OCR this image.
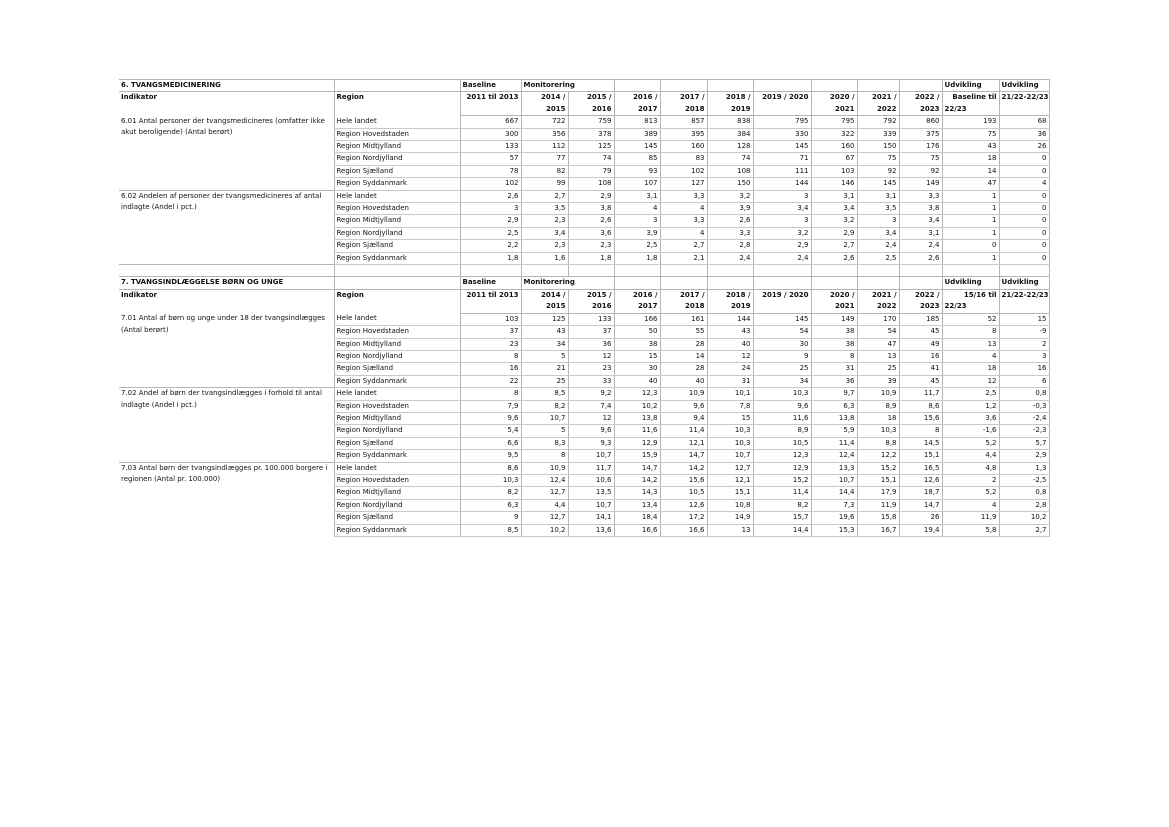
6. TVANGSMEDICINERING		Baseline	Monitorering									Udvikling	Udvikling
Indikator	Region	2011 til 2013	2014 /	2015 /	2016 /	2017 /	2018 /	2019 / 2020	2020 /	2021 /	2022 /	Baseline til	21/22-22/23
			2015	2016	2017	2018	2019		2021	2022	2023	22/23	
6.01 Antal personer der tvangsmedicineres (omfatter ikke akut beroligende) (Antal berørt)	Hele landet	667	722	759	813	857	838	795	795	792	860	193	68
	Region Hovedstaden	300	356	378	389	395	384	330	322	339	375	75	36
	Region Midtjylland	133	112	125	145	160	128	145	160	150	176	43	26
	Region Nordjylland	57	77	74	85	83	74	71	67	75	75	18	0
	Region Sjælland	78	82	79	93	102	108	111	103	92	92	14	0
	Region Syddanmark	102	99	108	107	127	150	144	146	145	149	47	4
6.02 Andelen af personer der tvangsmedicineres af antal indlagte (Andel i pct.)	Hele landet	2,6	2,7	2,9	3,1	3,3	3,2	3	3,1	3,1	3,3	1	0
	Region Hovedstaden	3	3,5	3,8	4	4	3,9	3,4	3,4	3,5	3,8	1	0
	Region Midtjylland	2,9	2,3	2,6	3	3,3	2,6	3	3,2	3	3,4	1	0
	Region Nordjylland	2,5	3,4	3,6	3,9	4	3,3	3,2	2,9	3,4	3,1	1	0
	Region Sjælland	2,2	2,3	2,3	2,5	2,7	2,8	2,9	2,7	2,4	2,4	0	0
	Region Syddanmark	1,8	1,6	1,8	1,8	2,1	2,4	2,4	2,6	2,5	2,6	1	0

7. TVANGSINDLÆGGELSE BØRN OG UNGE		Baseline	Monitorering									Udvikling	Udvikling
Indikator	Region	2011 til 2013	2014 /	2015 /	2016 /	2017 /	2018 /	2019 / 2020	2020 /	2021 /	2022 /	15/16 til	21/22-22/23
			2015	2016	2017	2018	2019		2021	2022	2023	22/23	
7.01 Antal af børn og unge under 18 der tvangsindlægges (Antal berørt)	Hele landet	103	125	133	166	161	144	145	149	170	185	52	15
	Region Hovedstaden	37	43	37	50	55	43	54	38	54	45	8	-9
	Region Midtjylland	23	34	36	38	28	40	30	38	47	49	13	2
	Region Nordjylland	8	5	12	15	14	12	9	8	13	16	4	3
	Region Sjælland	16	21	23	30	28	24	25	31	25	41	18	16
	Region Syddanmark	22	25	33	40	40	31	34	36	39	45	12	6
7.02 Andel af børn der tvangsindlægges i forhold til antal indlagte (Andel i pct.)	Hele landet	8	8,5	9,2	12,3	10,9	10,1	10,3	9,7	10,9	11,7	2,5	0,8
	Region Hovedstaden	7,9	8,2	7,4	10,2	9,6	7,8	9,6	6,3	8,9	8,6	1,2	-0,3
	Region Midtjylland	9,6	10,7	12	13,8	9,4	15	11,6	13,8	18	15,6	3,6	-2,4
	Region Nordjylland	5,4	5	9,6	11,6	11,4	10,3	8,9	5,9	10,3	8	-1,6	-2,3
	Region Sjælland	6,6	8,3	9,3	12,9	12,1	10,3	10,5	11,4	8,8	14,5	5,2	5,7
	Region Syddanmark	9,5	8	10,7	15,9	14,7	10,7	12,3	12,4	12,2	15,1	4,4	2,9
7.03 Antal børn der tvangsindlægges pr. 100.000 borgere i regionen (Antal pr. 100.000)	Hele landet	8,6	10,9	11,7	14,7	14,2	12,7	12,9	13,3	15,2	16,5	4,8	1,3
	Region Hovedstaden	10,3	12,4	10,6	14,2	15,6	12,1	15,2	10,7	15,1	12,6	2	-2,5
	Region Midtjylland	8,2	12,7	13,5	14,3	10,5	15,1	11,4	14,4	17,9	18,7	5,2	0,8
	Region Nordjylland	6,3	4,4	10,7	13,4	12,6	10,8	8,2	7,3	11,9	14,7	4	2,8
	Region Sjælland	9	12,7	14,1	18,4	17,2	14,9	15,7	19,6	15,8	26	11,9	10,2
	Region Syddanmark	8,5	10,2	13,6	16,6	16,6	13	14,4	15,3	16,7	19,4	5,8	2,7
